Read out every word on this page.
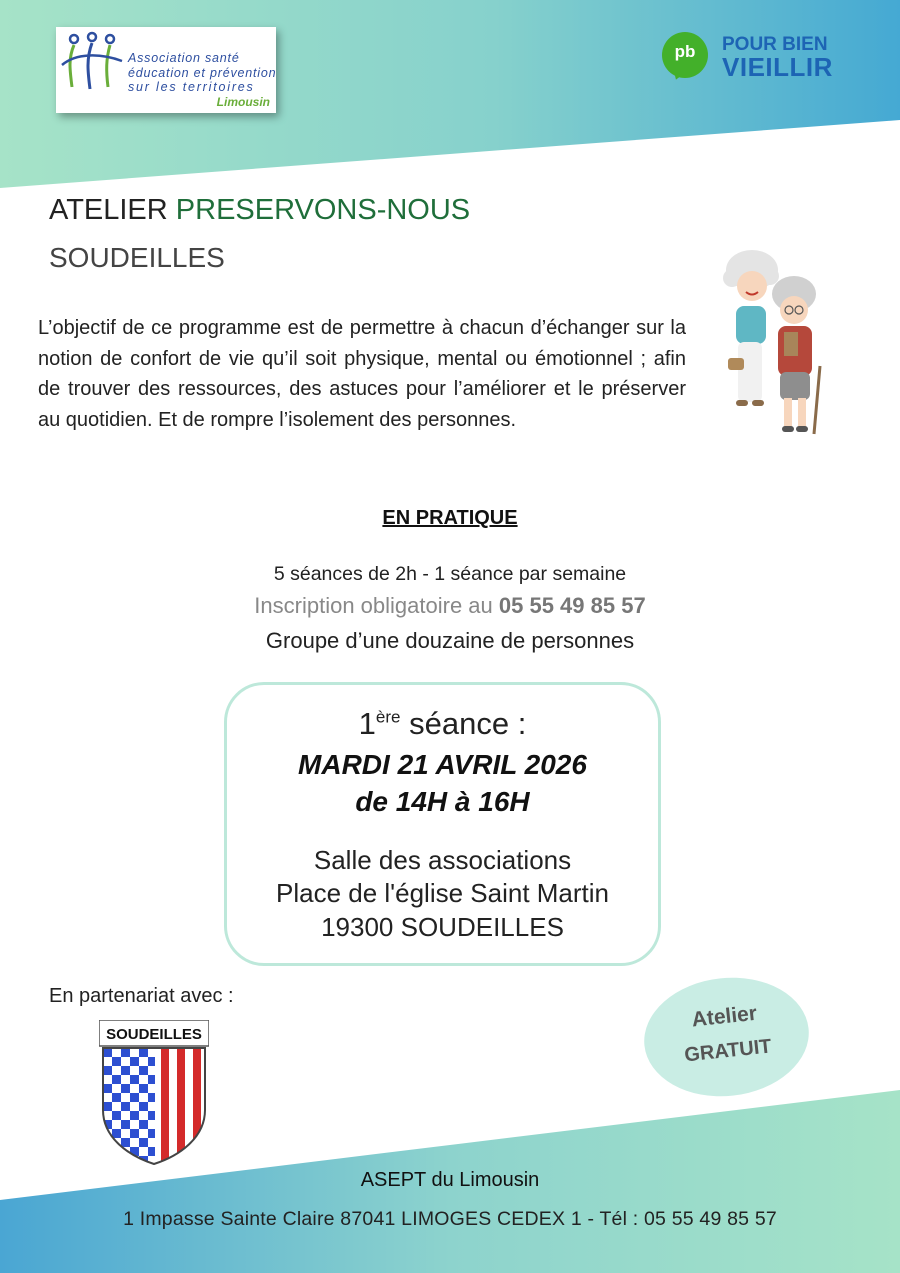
Association santé
éducation et prévention
sur les territoires
Limousin
pb	POUR BIEN
VIEILLIR
ATELIER PRESERVONS-NOUS
SOUDEILLES
L’objectif de ce programme est de permettre à chacun d’échanger sur la notion de confort de vie qu’il soit physique, mental ou émotionnel ; afin de trouver des ressources, des astuces pour l’améliorer et le préserver au quotidien. Et de rompre l’isolement des personnes.
EN PRATIQUE
5 séances de 2h - 1 séance par semaine
Inscription obligatoire au 05 55 49 85 57
Groupe d’une douzaine de personnes
1ère séance :
MARDI 21 AVRIL 2026
de 14H à 16H
Salle des associations
Place de l'église Saint Martin
19300 SOUDEILLES
En partenariat avec :
SOUDEILLES
Atelier
GRATUIT
ASEPT du Limousin
1 Impasse Sainte Claire 87041 LIMOGES CEDEX 1 - Tél : 05 55 49 85 57
